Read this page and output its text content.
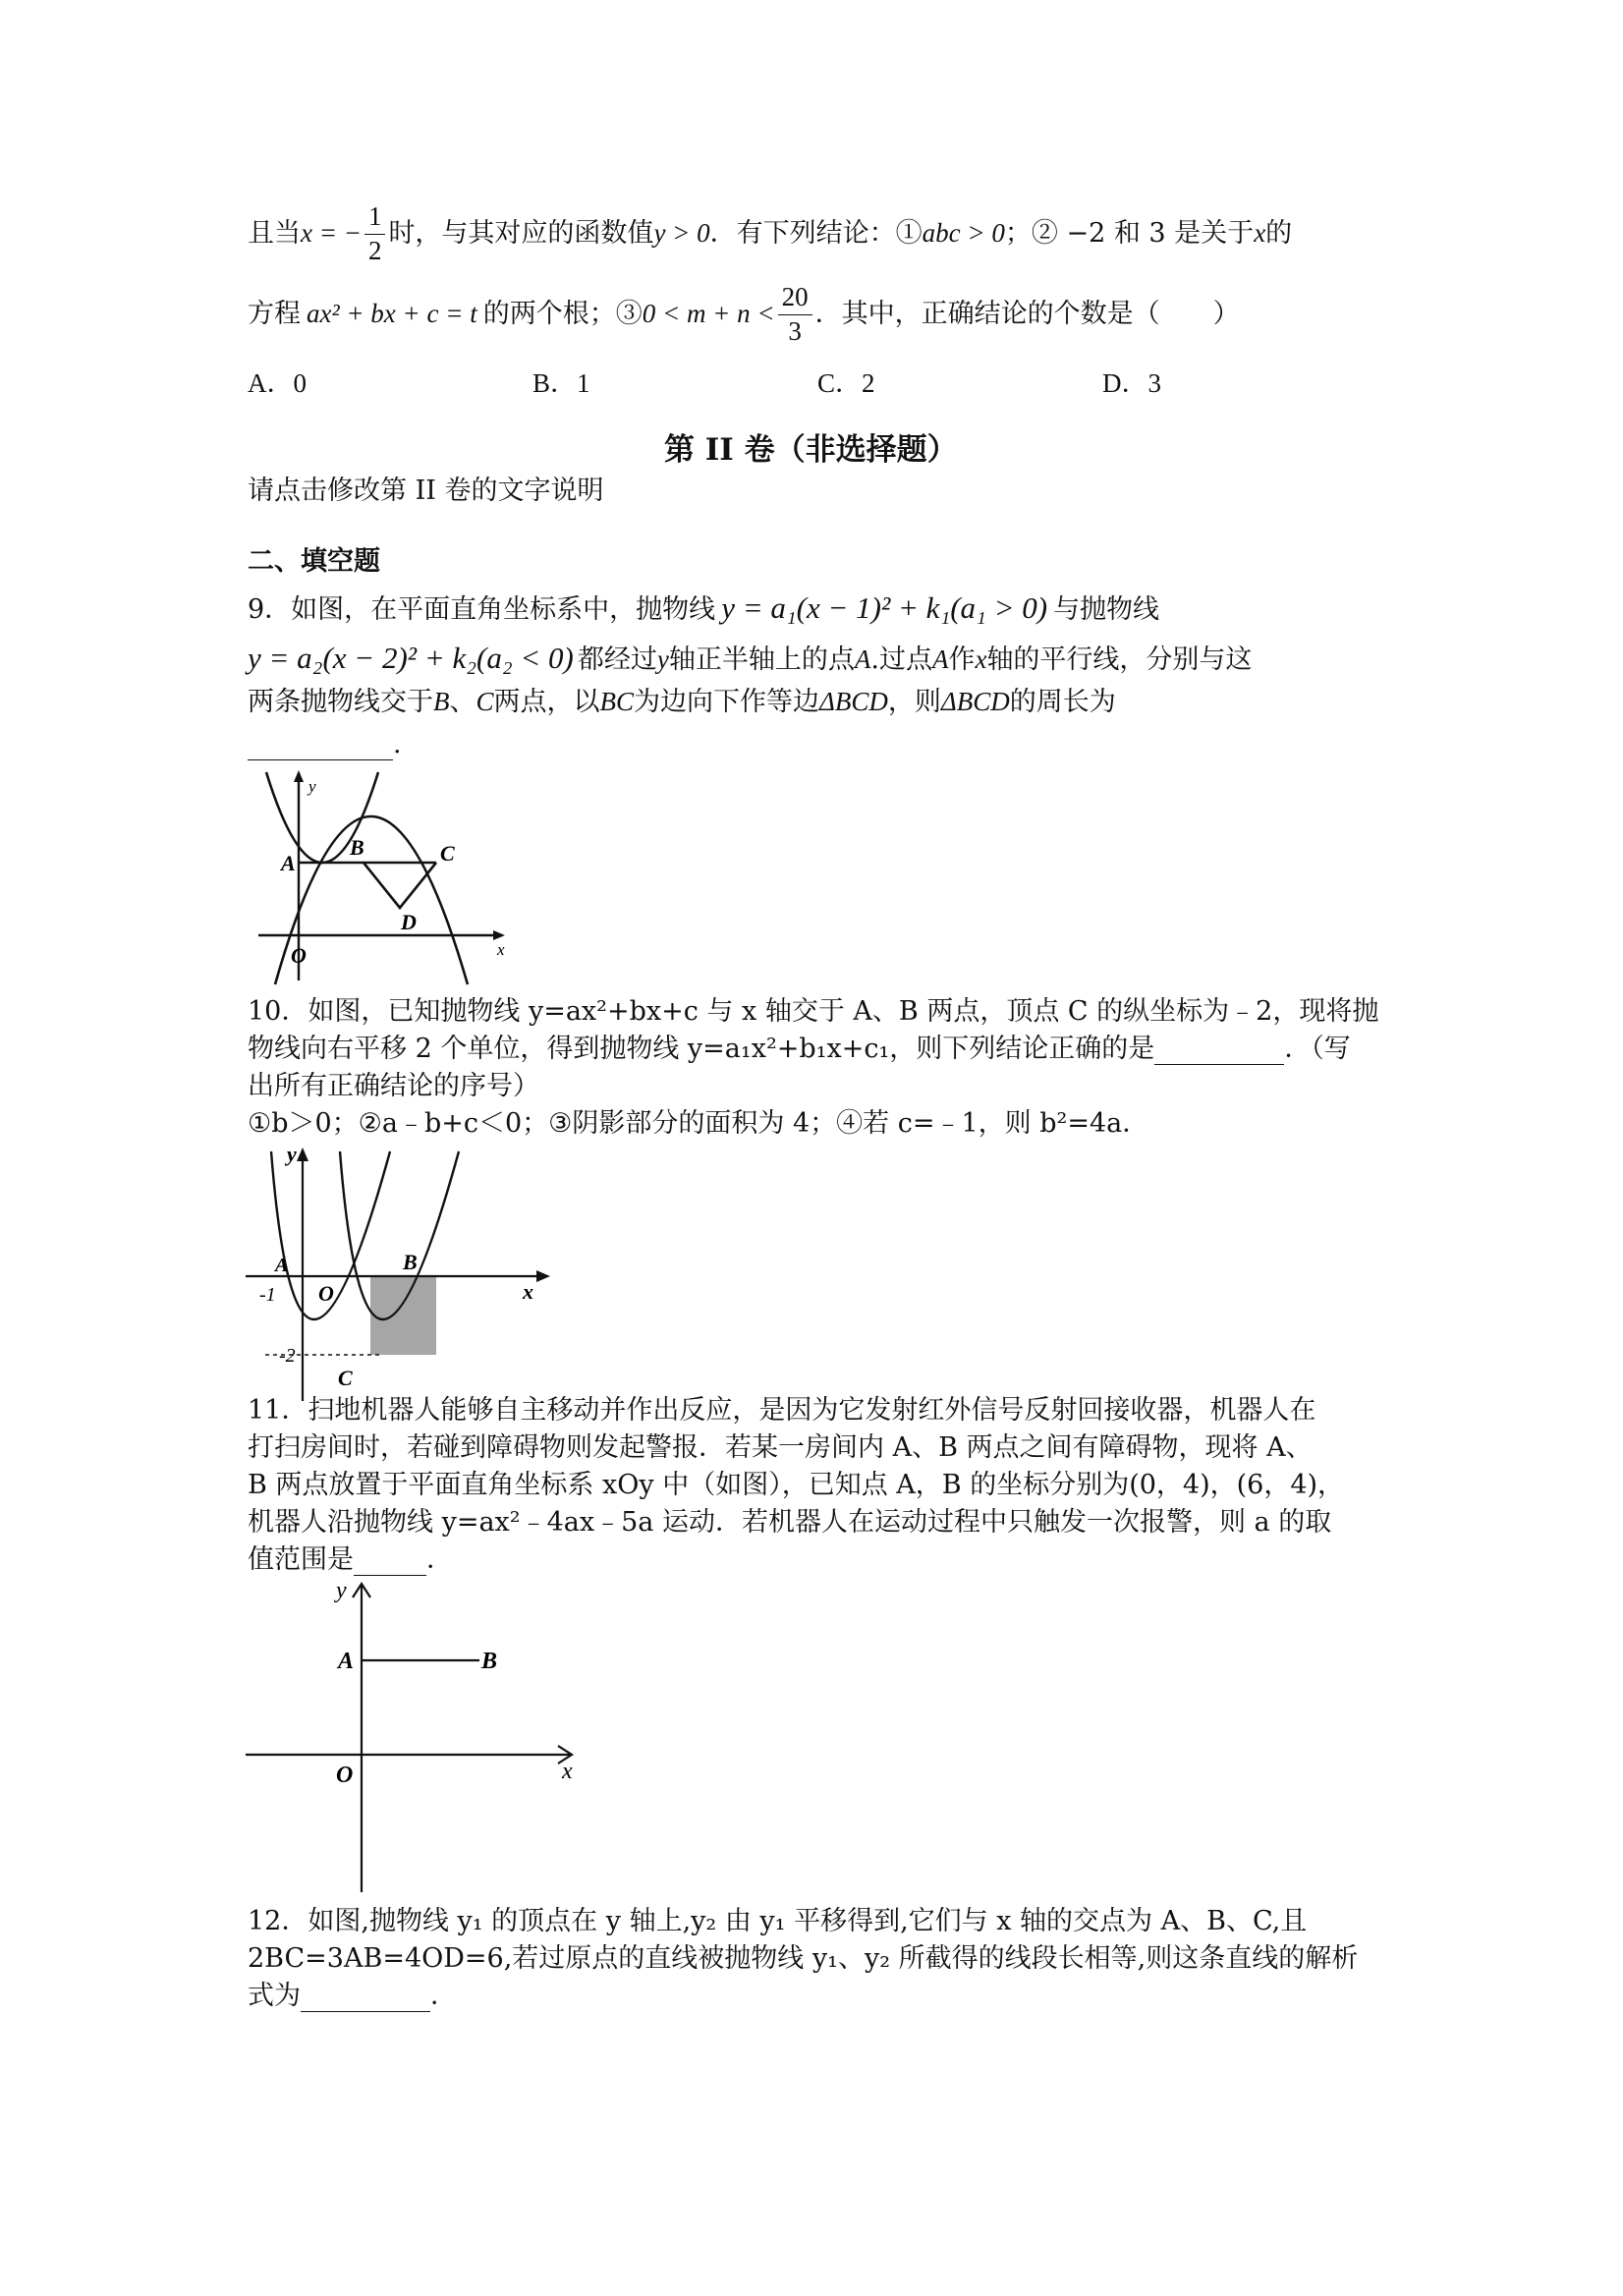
且当x = − $\frac{1}{2}$ 时，与其对应的函数值y > 0．有下列结论：①abc > 0；② −2 和 3 是关于x的
方程 ax² + bx + c = t 的两个根；③0 < $m + n < \frac{20}{3}$ ．其中，正确结论的个数是（　　）
A．0	B．1	C．2	D．3
第 II 卷（非选择题）
请点击修改第 II 卷的文字说明
二、填空题
9．如图，在平面直角坐标系中，抛物线 y = a₁(x − 1)² + k₁(a₁ > 0) 与抛物线
y = a₂(x − 2)² + k₂(a₂ < 0) 都经过y轴正半轴上的点A.过点A作x轴的平行线，分别与这
两条抛物线交于B、C两点，以BC为边向下作等边ΔBCD，则ΔBCD的周长为
.
A
B	C
D
O	x
y
10．如图，已知抛物线 y=ax²+bx+c 与 x 轴交于 A、B 两点，顶点 C 的纵坐标为﹣2，现将抛
物线向右平移 2 个单位，得到抛物线 y=a₁x²+b₁x+c₁，则下列结论正确的是	．（写
出所有正确结论的序号）
①b＞0；②a﹣b+c＜0；③阴影部分的面积为 4；④若 c=﹣1，则 b²=4a．
A	B
C
O
-1
-2
x
y
11．扫地机器人能够自主移动并作出反应，是因为它发射红外信号反射回接收器，机器人在
打扫房间时，若碰到障碍物则发起警报．若某一房间内 A、B 两点之间有障碍物，现将 A、
B 两点放置于平面直角坐标系 xOy 中（如图），已知点 A，B 的坐标分别为(0，4)，(6，4)，
机器人沿抛物线 y=ax²﹣4ax﹣5a 运动．若机器人在运动过程中只触发一次报警，则 a 的取
值范围是	．
A	B
O	x
y
12．如图,抛物线 y₁ 的顶点在 y 轴上,y₂ 由 y₁ 平移得到,它们与 x 轴的交点为 A、B、C,且
2BC=3AB=4OD=6,若过原点的直线被抛物线 y₁、y₂ 所截得的线段长相等,则这条直线的解析
式为	．
